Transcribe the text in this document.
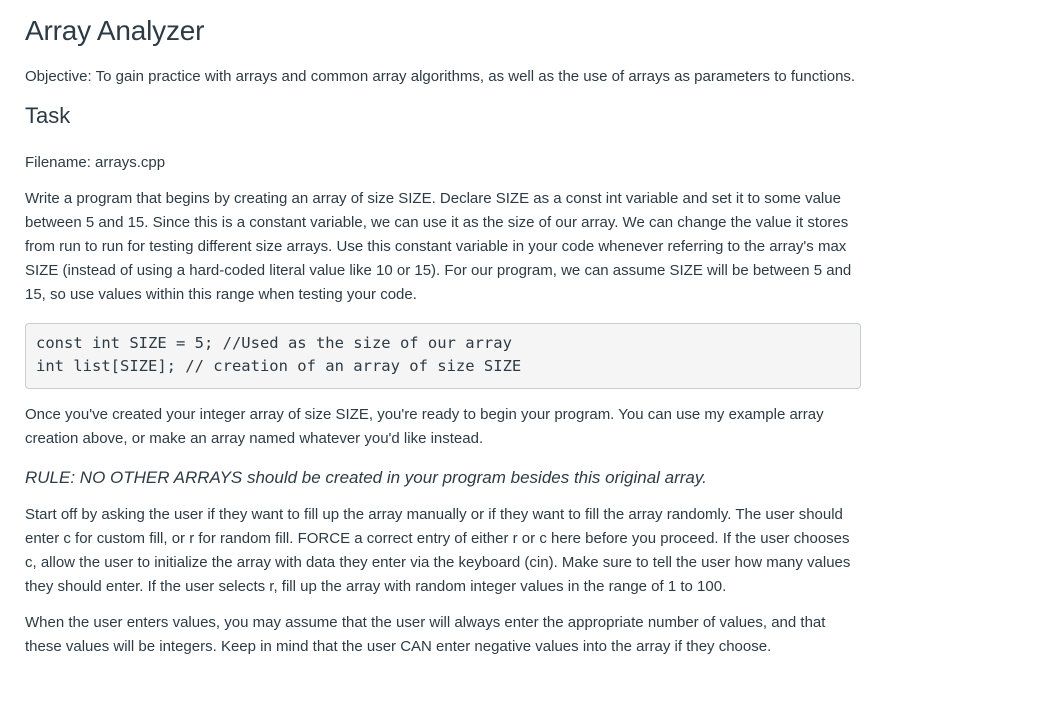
Array Analyzer

Objective: To gain practice with arrays and common array algorithms, as well as the use of arrays as parameters to functions.

Task

Filename: arrays.cpp

Write a program that begins by creating an array of size SIZE. Declare SIZE as a const int variable and set it to some value between 5 and 15. Since this is a constant variable, we can use it as the size of our array. We can change the value it stores from run to run for testing different size arrays. Use this constant variable in your code whenever referring to the array's max SIZE (instead of using a hard-coded literal value like 10 or 15). For our program, we can assume SIZE will be between 5 and 15, so use values within this range when testing your code.

const int SIZE = 5; //Used as the size of our array
int list[SIZE]; // creation of an array of size SIZE

Once you've created your integer array of size SIZE, you're ready to begin your program. You can use my example array creation above, or make an array named whatever you'd like instead.

RULE: NO OTHER ARRAYS should be created in your program besides this original array.

Start off by asking the user if they want to fill up the array manually or if they want to fill the array randomly. The user should enter c for custom fill, or r for random fill. FORCE a correct entry of either r or c here before you proceed. If the user chooses c, allow the user to initialize the array with data they enter via the keyboard (cin). Make sure to tell the user how many values they should enter. If the user selects r, fill up the array with random integer values in the range of 1 to 100.

When the user enters values, you may assume that the user will always enter the appropriate number of values, and that these values will be integers. Keep in mind that the user CAN enter negative values into the array if they choose.
